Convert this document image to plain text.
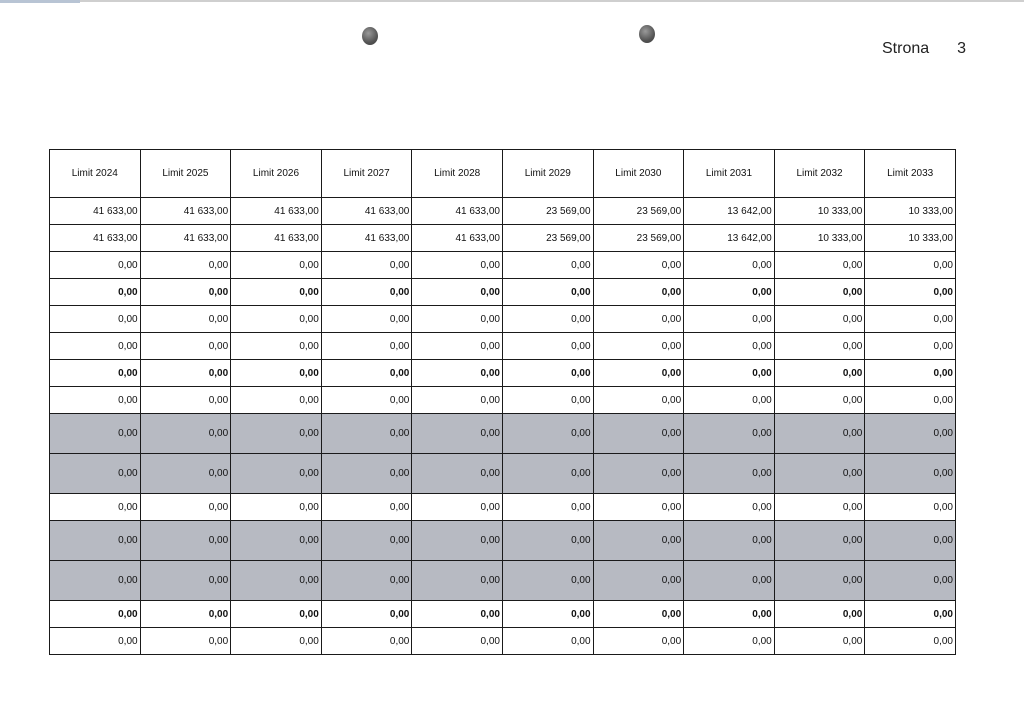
Strona 3
Limit 2024	Limit 2025	Limit 2026	Limit 2027	Limit 2028	Limit 2029	Limit 2030	Limit 2031	Limit 2032	Limit 2033
41 633,00	41 633,00	41 633,00	41 633,00	41 633,00	23 569,00	23 569,00	13 642,00	10 333,00	10 333,00
41 633,00	41 633,00	41 633,00	41 633,00	41 633,00	23 569,00	23 569,00	13 642,00	10 333,00	10 333,00
0,00	0,00	0,00	0,00	0,00	0,00	0,00	0,00	0,00	0,00
0,00	0,00	0,00	0,00	0,00	0,00	0,00	0,00	0,00	0,00
0,00	0,00	0,00	0,00	0,00	0,00	0,00	0,00	0,00	0,00
0,00	0,00	0,00	0,00	0,00	0,00	0,00	0,00	0,00	0,00
0,00	0,00	0,00	0,00	0,00	0,00	0,00	0,00	0,00	0,00
0,00	0,00	0,00	0,00	0,00	0,00	0,00	0,00	0,00	0,00
0,00	0,00	0,00	0,00	0,00	0,00	0,00	0,00	0,00	0,00
0,00	0,00	0,00	0,00	0,00	0,00	0,00	0,00	0,00	0,00
0,00	0,00	0,00	0,00	0,00	0,00	0,00	0,00	0,00	0,00
0,00	0,00	0,00	0,00	0,00	0,00	0,00	0,00	0,00	0,00
0,00	0,00	0,00	0,00	0,00	0,00	0,00	0,00	0,00	0,00
0,00	0,00	0,00	0,00	0,00	0,00	0,00	0,00	0,00	0,00
0,00	0,00	0,00	0,00	0,00	0,00	0,00	0,00	0,00	0,00
